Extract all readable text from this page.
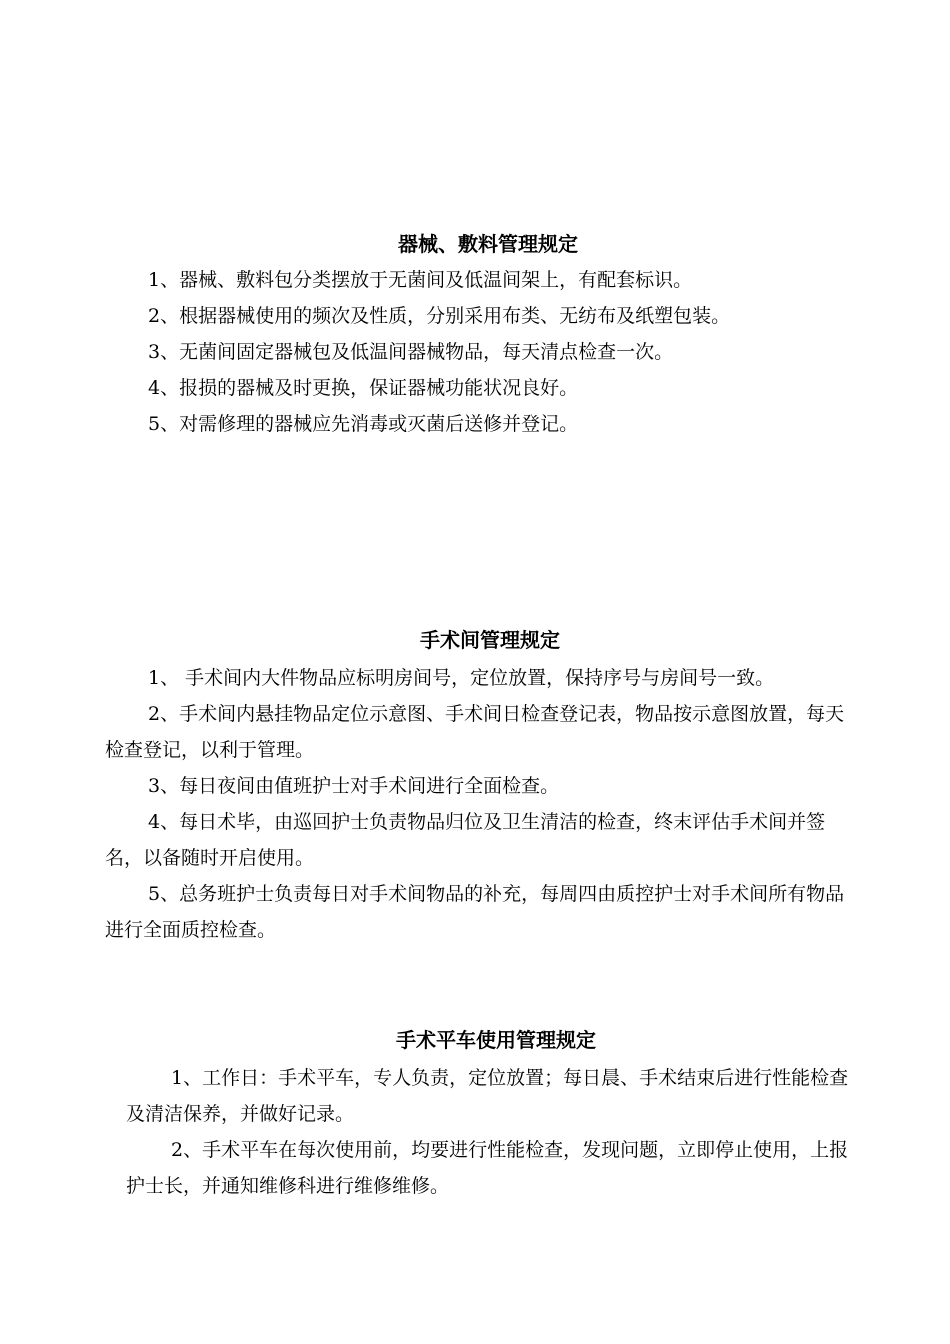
器械、敷料管理规定

1、器械、敷料包分类摆放于无菌间及低温间架上，有配套标识。

2、根据器械使用的频次及性质，分别采用布类、无纺布及纸塑包装。

3、无菌间固定器械包及低温间器械物品，每天清点检查一次。

4、报损的器械及时更换，保证器械功能状况良好。

5、对需修理的器械应先消毒或灭菌后送修并登记。

手术间管理规定

1、 手术间内大件物品应标明房间号，定位放置，保持序号与房间号一致。

2、手术间内悬挂物品定位示意图、手术间日检查登记表，物品按示意图放置，每天检查登记，以利于管理。

3、每日夜间由值班护士对手术间进行全面检查。

4、每日术毕，由巡回护士负责物品归位及卫生清洁的检查，终末评估手术间并签名，以备随时开启使用。

5、总务班护士负责每日对手术间物品的补充，每周四由质控护士对手术间所有物品进行全面质控检查。

手术平车使用管理规定

1、工作日：手术平车，专人负责，定位放置；每日晨、手术结束后进行性能检查及清洁保养，并做好记录。

2、手术平车在每次使用前，均要进行性能检查，发现问题，立即停止使用，上报护士长，并通知维修科进行维修维修。
